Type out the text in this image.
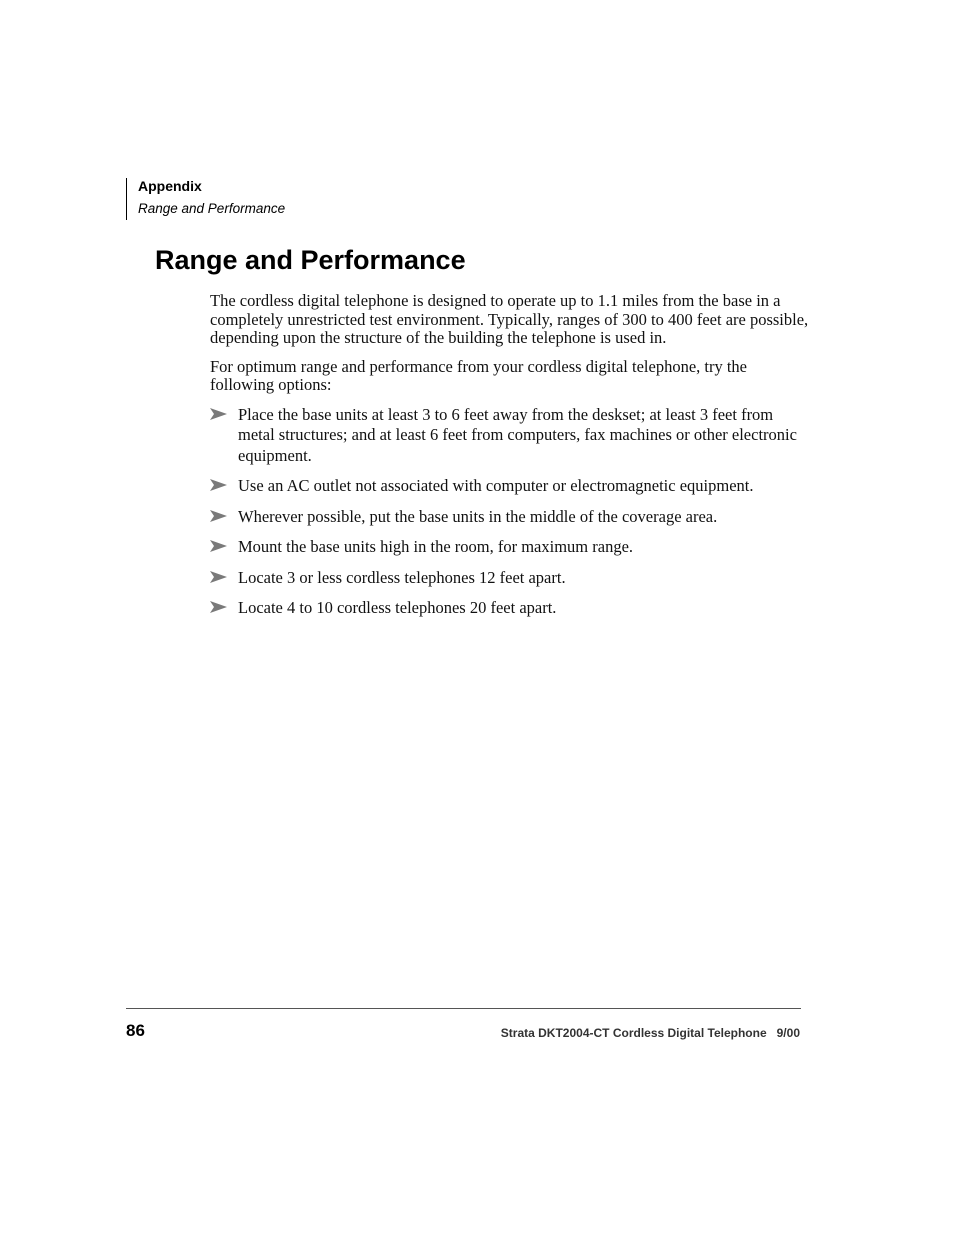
Appendix
Range and Performance
Range and Performance

The cordless digital telephone is designed to operate up to 1.1 miles from the base in a completely unrestricted test environment. Typically, ranges of 300 to 400 feet are possible, depending upon the structure of the building the telephone is used in.

For optimum range and performance from your cordless digital telephone, try the following options:

Place the base units at least 3 to 6 feet away from the deskset; at least 3 feet from metal structures; and at least 6 feet from computers, fax machines or other electronic equipment.
Use an AC outlet not associated with computer or electromagnetic equipment.
Wherever possible, put the base units in the middle of the coverage area.
Mount the base units high in the room, for maximum range.
Locate 3 or less cordless telephones 12 feet apart.
Locate 4 to 10 cordless telephones 20 feet apart.
86	Strata DKT2004-CT Cordless Digital Telephone   9/00
